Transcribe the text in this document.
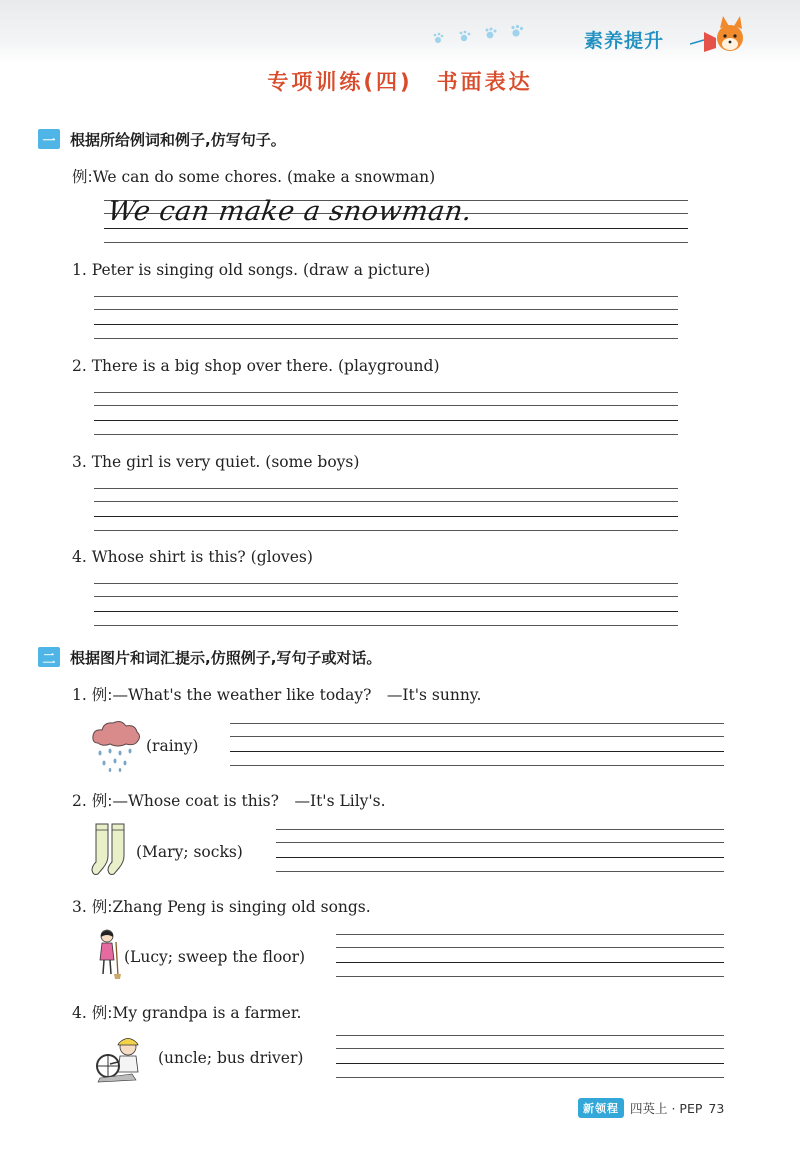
素养提升
专项训练(四)　书面表达
一 根据所给例词和例子,仿写句子。
例:We can do some chores. (make a snowman)
We can make a snowman.
1. Peter is singing old songs. (draw a picture)
2. There is a big shop over there. (playground)
3. The girl is very quiet. (some boys)
4. Whose shirt is this? (gloves)
二 根据图片和词汇提示,仿照例子,写句子或对话。
1. 例:—What's the weather like today?　—It's sunny.
(rainy)
2. 例:—Whose coat is this?　—It's Lily's.
(Mary; socks)
3. 例:Zhang Peng is singing old songs.
(Lucy; sweep the floor)
4. 例:My grandpa is a farmer.
(uncle; bus driver)
新领程 四英上 · PEP 73
